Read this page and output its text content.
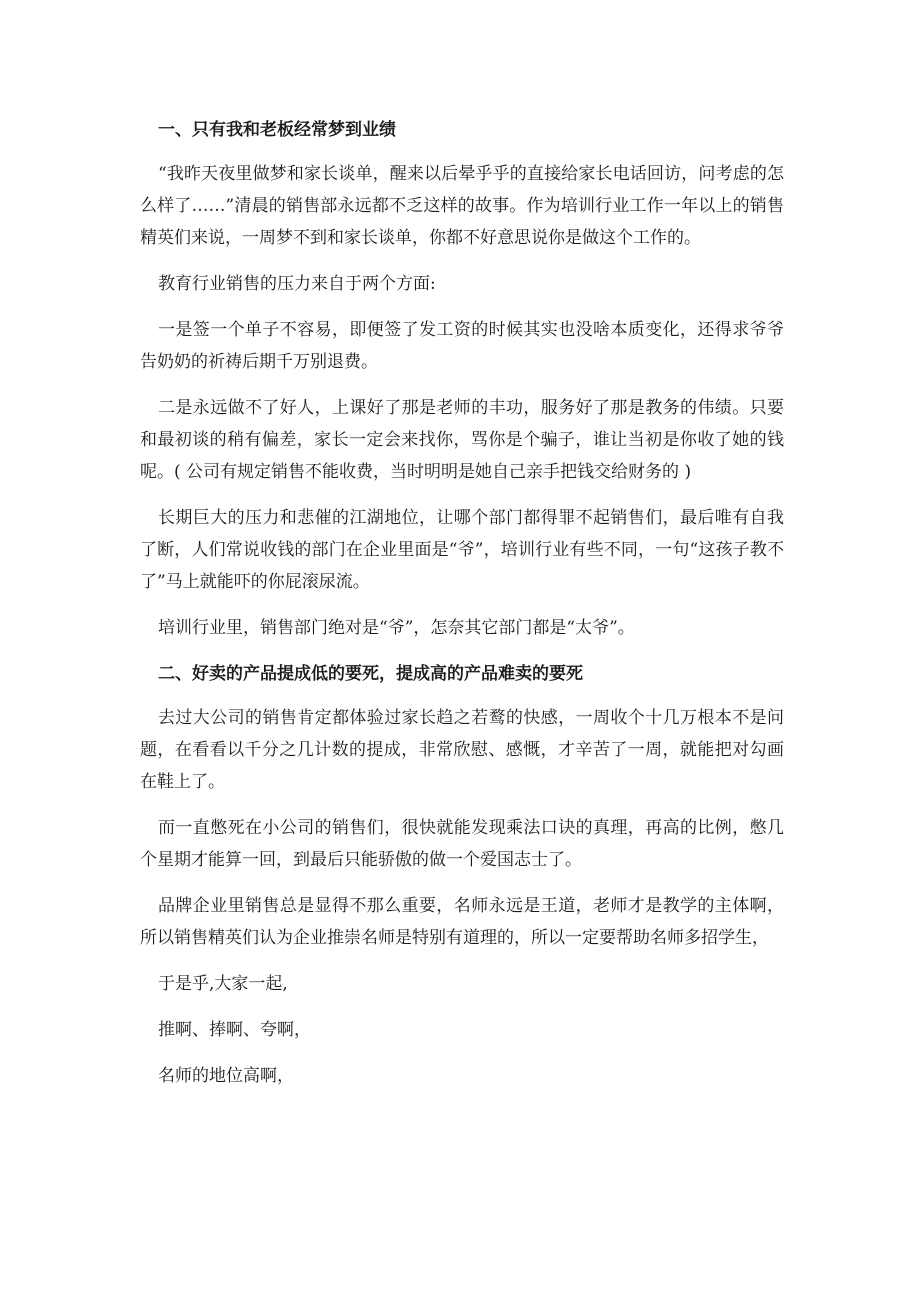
一、只有我和老板经常梦到业绩

“我昨天夜里做梦和家长谈单，醒来以后晕乎乎的直接给家长电话回访，问考虑的怎么样了……”清晨的销售部永远都不乏这样的故事。作为培训行业工作一年以上的销售精英们来说，一周梦不到和家长谈单，你都不好意思说你是做这个工作的。

教育行业销售的压力来自于两个方面:

一是签一个单子不容易，即便签了发工资的时候其实也没啥本质变化，还得求爷爷告奶奶的祈祷后期千万别退费。

二是永远做不了好人，上课好了那是老师的丰功，服务好了那是教务的伟绩。只要和最初谈的稍有偏差，家长一定会来找你，骂你是个骗子，谁让当初是你收了她的钱呢。( 公司有规定销售不能收费，当时明明是她自己亲手把钱交给财务的 )

长期巨大的压力和悲催的江湖地位，让哪个部门都得罪不起销售们，最后唯有自我了断，人们常说收钱的部门在企业里面是“爷”，培训行业有些不同，一句“这孩子教不了”马上就能吓的你屁滚尿流。

培训行业里，销售部门绝对是“爷”，怎奈其它部门都是“太爷”。

二、好卖的产品提成低的要死，提成高的产品难卖的要死

去过大公司的销售肯定都体验过家长趋之若鹜的快感，一周收个十几万根本不是问题，在看看以千分之几计数的提成，非常欣慰、感慨，才辛苦了一周，就能把对勾画在鞋上了。

而一直憋死在小公司的销售们，很快就能发现乘法口诀的真理，再高的比例，憋几个星期才能算一回，到最后只能骄傲的做一个爱国志士了。

品牌企业里销售总是显得不那么重要，名师永远是王道，老师才是教学的主体啊，所以销售精英们认为企业推崇名师是特别有道理的，所以一定要帮助名师多招学生，

于是乎,大家一起,

推啊、捧啊、夸啊，

名师的地位高啊，
